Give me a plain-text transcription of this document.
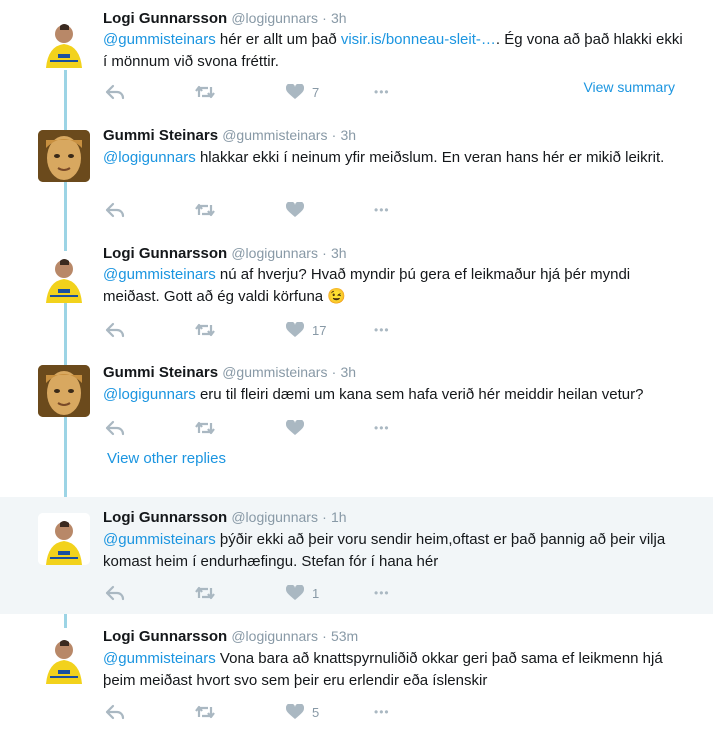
Logi Gunnarsson @logigunnars · 3h
@gummisteinars hér er allt um það visir.is/bonneau-sleit-…. Ég vona að það hlakki ekki í mönnum við svona fréttir.
View summary
7	•••
Gummi Steinars @gummisteinars · 3h
@logigunnars hlakkar ekki í neinum yfir meiðslum. En veran hans hér er mikið leikrit.
•••
Logi Gunnarsson @logigunnars · 3h
@gummisteinars nú af hverju? Hvað myndir þú gera ef leikmaður hjá þér myndi meiðast. Gott að ég valdi körfuna 😉
17	•••
Gummi Steinars @gummisteinars · 3h
@logigunnars eru til fleiri dæmi um kana sem hafa verið hér meiddir heilan vetur?
•••
View other replies
Logi Gunnarsson @logigunnars · 1h
@gummisteinars þýðir ekki að þeir voru sendir heim,oftast er það þannig að þeir vilja komast heim í endurhæfingu. Stefan fór í hana hér
1	•••
Logi Gunnarsson @logigunnars · 53m
@gummisteinars Vona bara að knattspyrnuliðið okkar geri það sama ef leikmenn hjá þeim meiðast hvort svo sem þeir eru erlendir eða íslenskir
5	•••
